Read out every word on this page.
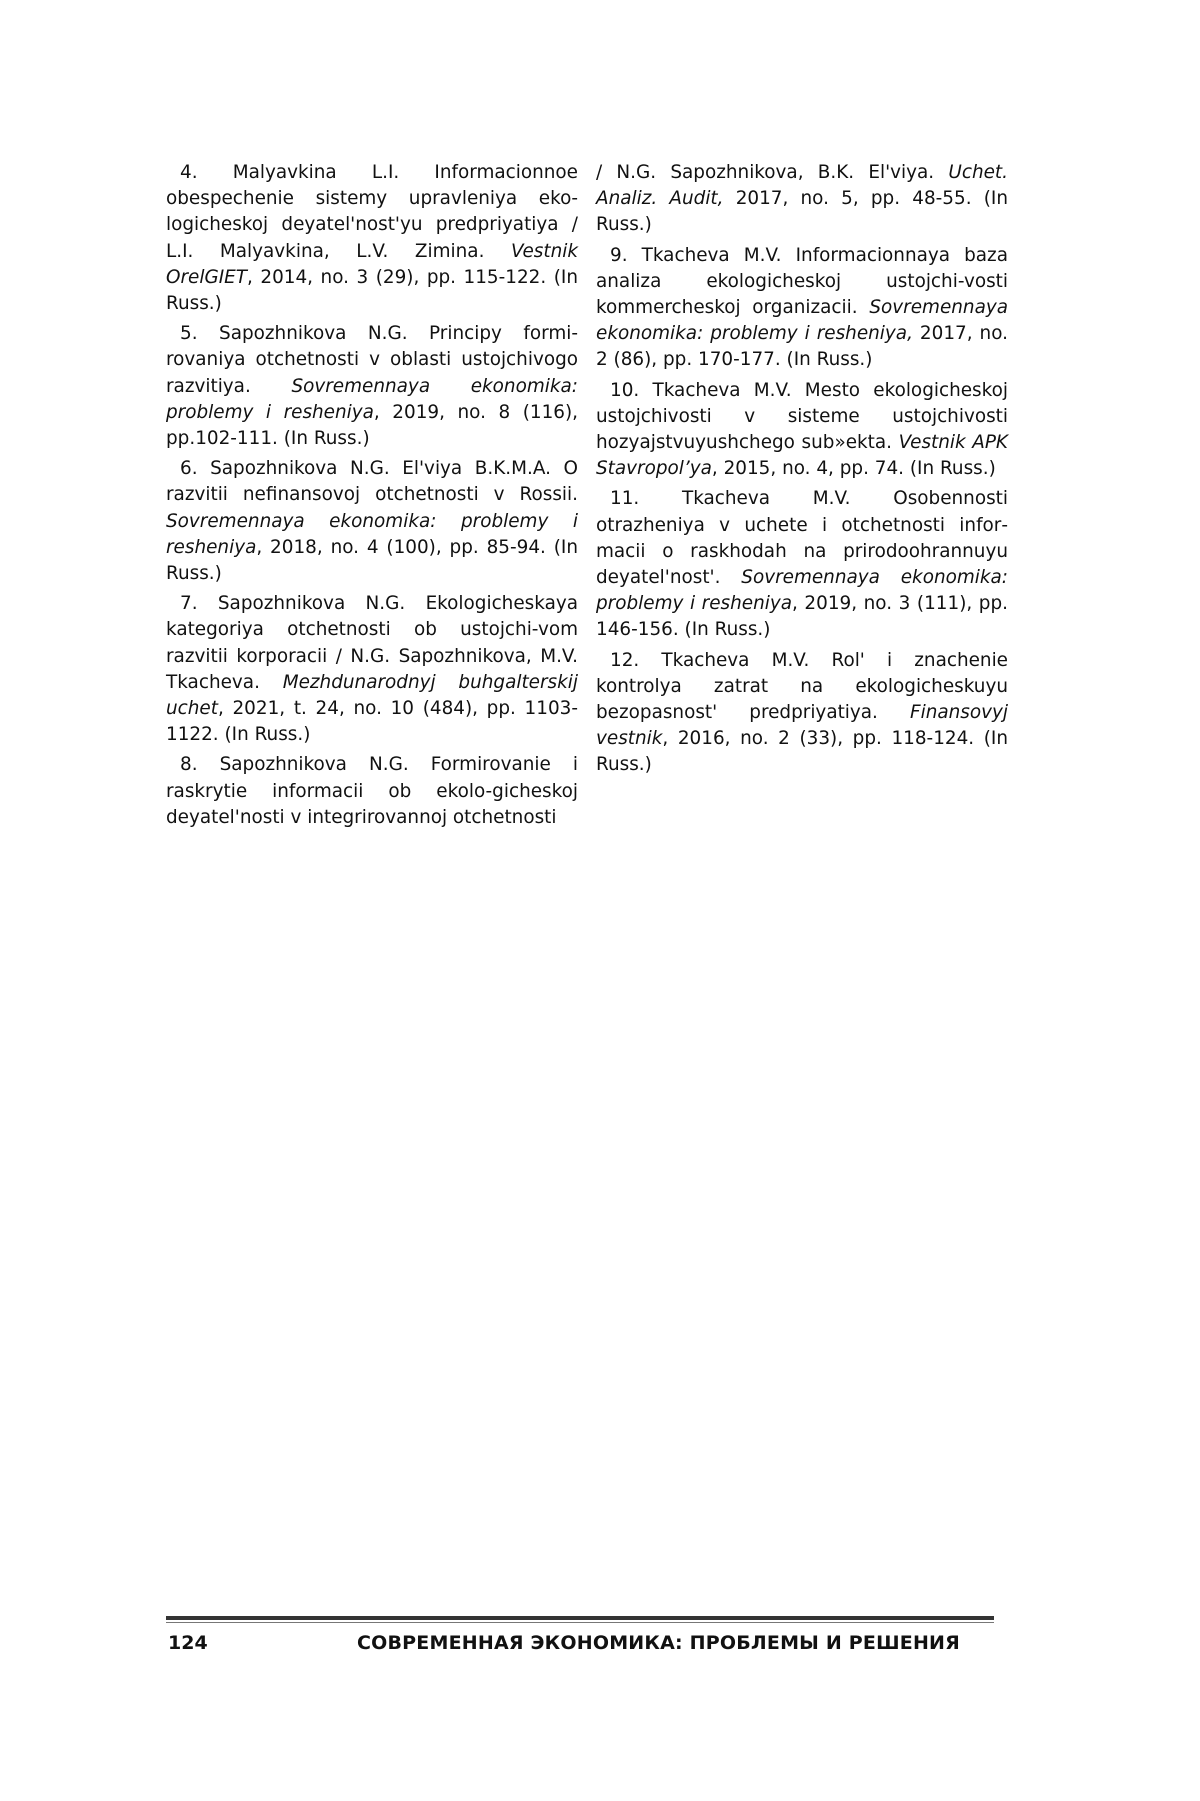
4. Malyavkina L.I. Informacionnoe obespechenie sistemy upravleniya ekologicheskoj deyatel'nost'yu predpriyatiya / L.I. Malyavkina, L.V. Zimina. Vestnik OrelGIET, 2014, no. 3 (29), pp. 115-122. (In Russ.)

5. Sapozhnikova N.G. Principy formirovaniya otchetnosti v oblasti ustojchivogo razvitiya. Sovremennaya ekonomika: problemy i resheniya, 2019, no. 8 (116), pp.102-111. (In Russ.)

6. Sapozhnikova N.G. El'viya B.K.M.A. O razvitii nefinansovoj otchetnosti v Rossii. Sovremennaya ekonomika: problemy i resheniya, 2018, no. 4 (100), pp. 85-94. (In Russ.)

7. Sapozhnikova N.G. Ekologicheskaya kategoriya otchetnosti ob ustojchi-vom razvitii korporacii / N.G. Sapozhnikova, M.V. Tkacheva. Mezhdunarodnyj buhgalterskij uchet, 2021, t. 24, no. 10 (484), pp. 1103-1122. (In Russ.)

8. Sapozhnikova N.G. Formirovanie i raskrytie informacii ob ekolo-gicheskoj deyatel'nosti v integrirovannoj otchetnosti

/ N.G. Sapozhnikova, B.K. El'viya. Uchet. Analiz. Audit, 2017, no. 5, pp. 48-55. (In Russ.)

9. Tkacheva M.V. Informacionnaya baza analiza ekologicheskoj ustojchi-vosti kommercheskoj organizacii. Sovremennaya ekonomika: problemy i resheniya, 2017, no. 2 (86), pp. 170-177. (In Russ.)

10. Tkacheva M.V. Mesto ekologicheskoj ustojchivosti v sisteme ustojchivosti hozyajstvuyushchego sub»ekta. Vestnik APK Stavropol’ya, 2015, no. 4, pp. 74. (In Russ.)

11. Tkacheva M.V. Osobennosti otrazheniya v uchete i otchetnosti informacii o raskhodah na prirodoohrannuyu deyatel'nost'. Sovremennaya ekonomika: problemy i resheniya, 2019, no. 3 (111), pp. 146-156. (In Russ.)

12. Tkacheva M.V. Rol' i znachenie kontrolya zatrat na ekologicheskuyu bezopasnost' predpriyatiya. Finansovyj vestnik, 2016, no. 2 (33), pp. 118-124. (In Russ.)

124	СОВРЕМЕННАЯ ЭКОНОМИКА: ПРОБЛЕМЫ И РЕШЕНИЯ
